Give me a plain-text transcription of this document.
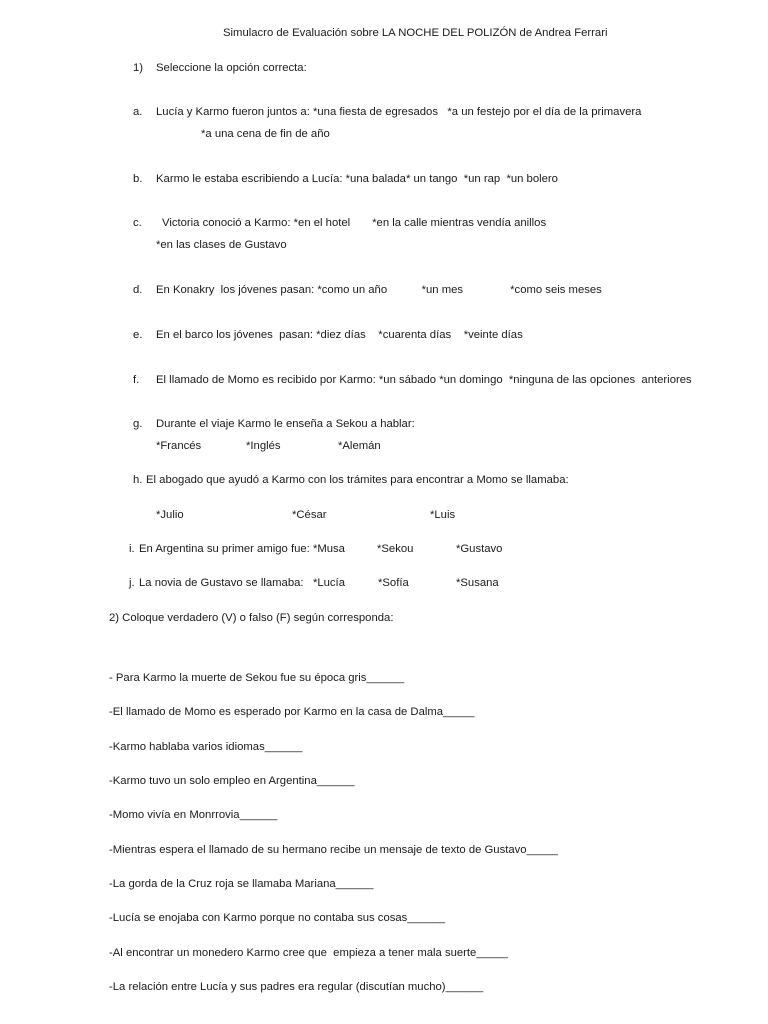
Simulacro de Evaluación sobre LA NOCHE DEL POLIZÓN de Andrea Ferrari
1) Seleccione la opción correcta:
a. Lucía y Karmo fueron juntos a: *una fiesta de egresados   *a un festejo por el día de la primavera
*a una cena de fin de año
b. Karmo le estaba escribiendo a Lucía: *una balada* un tango  *un rap  *un bolero
c. Victoria conoció a Karmo: *en el hotel       *en la calle mientras vendía anillos
*en las clases de Gustavo
d. En Konakry  los jóvenes pasan: *como un año           *un mes               *como seis meses
e. En el barco los jóvenes  pasan: *diez días    *cuarenta días    *veinte días
f. El llamado de Momo es recibido por Karmo: *un sábado *un domingo  *ninguna de las opciones  anteriores
g. Durante el viaje Karmo le enseña a Sekou a hablar:
*Francés	*Inglés	*Alemán
h. El abogado que ayudó a Karmo con los trámites para encontrar a Momo se llamaba:
*Julio	*César	*Luis
i. En Argentina su primer amigo fue: *Musa	*Sekou	*Gustavo
j. La novia de Gustavo se llamaba:   *Lucía	*Sofía	*Susana
2) Coloque verdadero (V) o falso (F) según corresponda:
- Para Karmo la muerte de Sekou fue su época gris______
-El llamado de Momo es esperado por Karmo en la casa de Dalma_____
-Karmo hablaba varios idiomas______
-Karmo tuvo un solo empleo en Argentina______
-Momo vivía en Monrrovia______
-Mientras espera el llamado de su hermano recibe un mensaje de texto de Gustavo_____
-La gorda de la Cruz roja se llamaba Mariana______
-Lucía se enojaba con Karmo porque no contaba sus cosas______
-Al encontrar un monedero Karmo cree que  empieza a tener mala suerte_____
-La relación entre Lucía y sus padres era regular (discutían mucho)______
